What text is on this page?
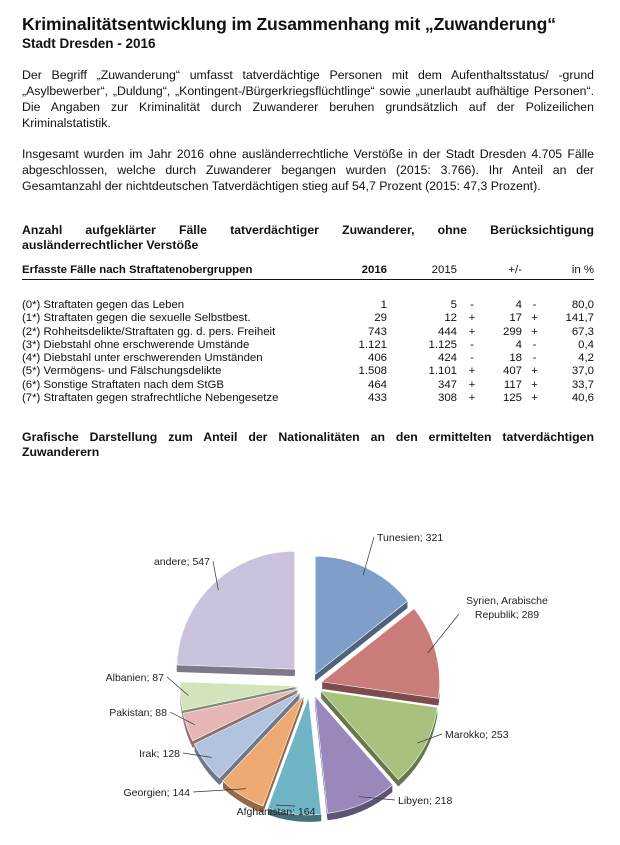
Kriminalitätsentwicklung im Zusammenhang mit „Zuwanderung“
Stadt Dresden - 2016

Der Begriff „Zuwanderung“ umfasst tatverdächtige Personen mit dem Aufenthaltsstatus/ -grund „Asylbewerber“, „Duldung“, „Kontingent-/Bürgerkriegsflüchtlinge“ sowie „unerlaubt aufhältige Personen“. Die Angaben zur Kriminalität durch Zuwanderer beruhen grundsätzlich auf der Polizeilichen Kriminalstatistik.

Insgesamt wurden im Jahr 2016 ohne ausländerrechtliche Verstöße in der Stadt Dresden 4.705 Fälle abgeschlossen, welche durch Zuwanderer begangen wurden (2015: 3.766). Ihr Anteil an der Gesamtanzahl der nichtdeutschen Tatverdächtigen stieg auf 54,7 Prozent (2015: 47,3 Prozent).

Anzahl aufgeklärter Fälle tatverdächtiger Zuwanderer, ohne Berücksichtigung ausländerrechtlicher Verstöße
Erfasste Fälle nach Straftatenobergruppen	2016	2015		+/-		in %

(0*) Straftaten gegen das Leben	1	5	-	4	-	80,0
(1*) Straftaten gegen die sexuelle Selbstbest.	29	12	+	17	+	141,7
(2*) Rohheitsdelikte/Straftaten gg. d. pers. Freiheit	743	444	+	299	+	67,3
(3*) Diebstahl ohne erschwerende Umstände	1.121	1.125	-	4	-	0,4
(4*) Diebstahl unter erschwerenden Umständen	406	424	-	18	-	4,2
(5*) Vermögens- und Fälschungsdelikte	1.508	1.101	+	407	+	37,0
(6*) Sonstige Straftaten nach dem StGB	464	347	+	117	+	33,7
(7*) Straftaten gegen strafrechtliche Nebengesetze	433	308	+	125	+	40,6
Grafische Darstellung zum Anteil der Nationalitäten an den ermittelten tatverdächtigen Zuwanderern
Tunesien; 321
Syrien, Arabische Republik; 289
Marokko; 253
Libyen; 218
Afghanistan; 164
Georgien; 144
Irak; 128
Pakistan; 88
Albanien; 87
andere; 547
